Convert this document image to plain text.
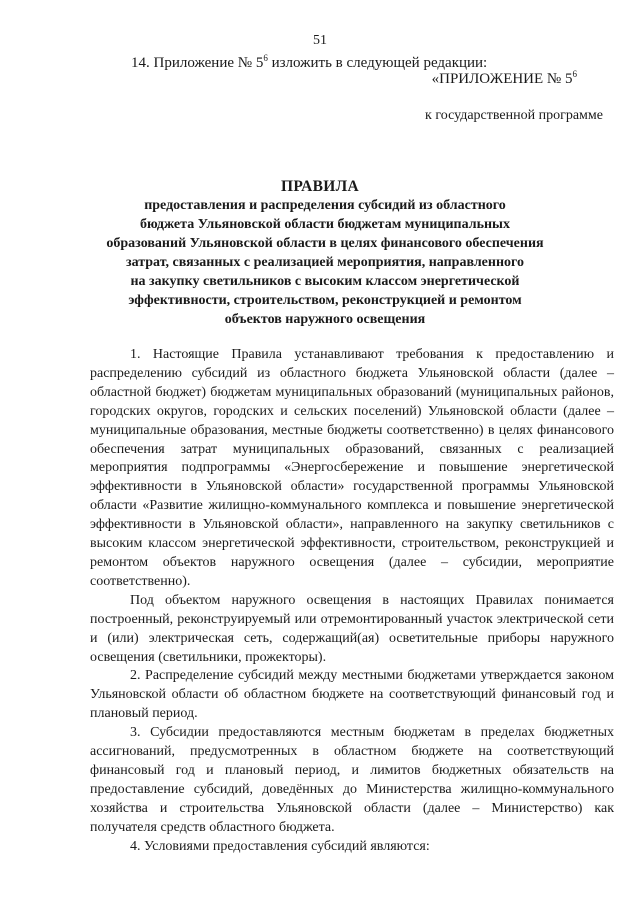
51
14. Приложение № $5^6$ изложить в следующей редакции:
«ПРИЛОЖЕНИЕ № $5^6$
к государственной программе
ПРАВИЛА
предоставления и распределения субсидий из областного
бюджета Ульяновской области бюджетам муниципальных
образований Ульяновской области в целях финансового обеспечения
затрат, связанных с реализацией мероприятия, направленного
на закупку светильников с высоким классом энергетической
эффективности, строительством, реконструкцией и ремонтом
объектов наружного освещения

1. Настоящие Правила устанавливают требования к предоставлению и распределению субсидий из областного бюджета Ульяновской области (далее – областной бюджет) бюджетам муниципальных образований (муниципальных районов, городских округов, городских и сельских поселений) Ульяновской области (далее – муниципальные образования, местные бюджеты соответственно) в целях финансового обеспечения затрат муниципальных образований, связанных с реализацией мероприятия подпрограммы «Энергосбережение и повышение энергетической эффективности в Ульяновской области» государственной программы Ульяновской области «Развитие жилищно-коммунального комплекса и повышение энергетической эффективности в Ульяновской области», направленного на закупку светильников с высоким классом энергетической эффективности, строительством, реконструкцией и ремонтом объектов наружного освещения (далее – субсидии, мероприятие соответственно).

Под объектом наружного освещения в настоящих Правилах понимается построенный, реконструируемый или отремонтированный участок электрической сети и (или) электрическая сеть, содержащий(ая) осветительные приборы наружного освещения (светильники, прожекторы).

2. Распределение субсидий между местными бюджетами утверждается законом Ульяновской области об областном бюджете на соответствующий финансовый год и плановый период.

3. Субсидии предоставляются местным бюджетам в пределах бюджетных ассигнований, предусмотренных в областном бюджете на соответствующий финансовый год и плановый период, и лимитов бюджетных обязательств на предоставление субсидий, доведённых до Министерства жилищно-коммунального хозяйства и строительства Ульяновской области (далее – Министерство) как получателя средств областного бюджета.

4. Условиями предоставления субсидий являются:
